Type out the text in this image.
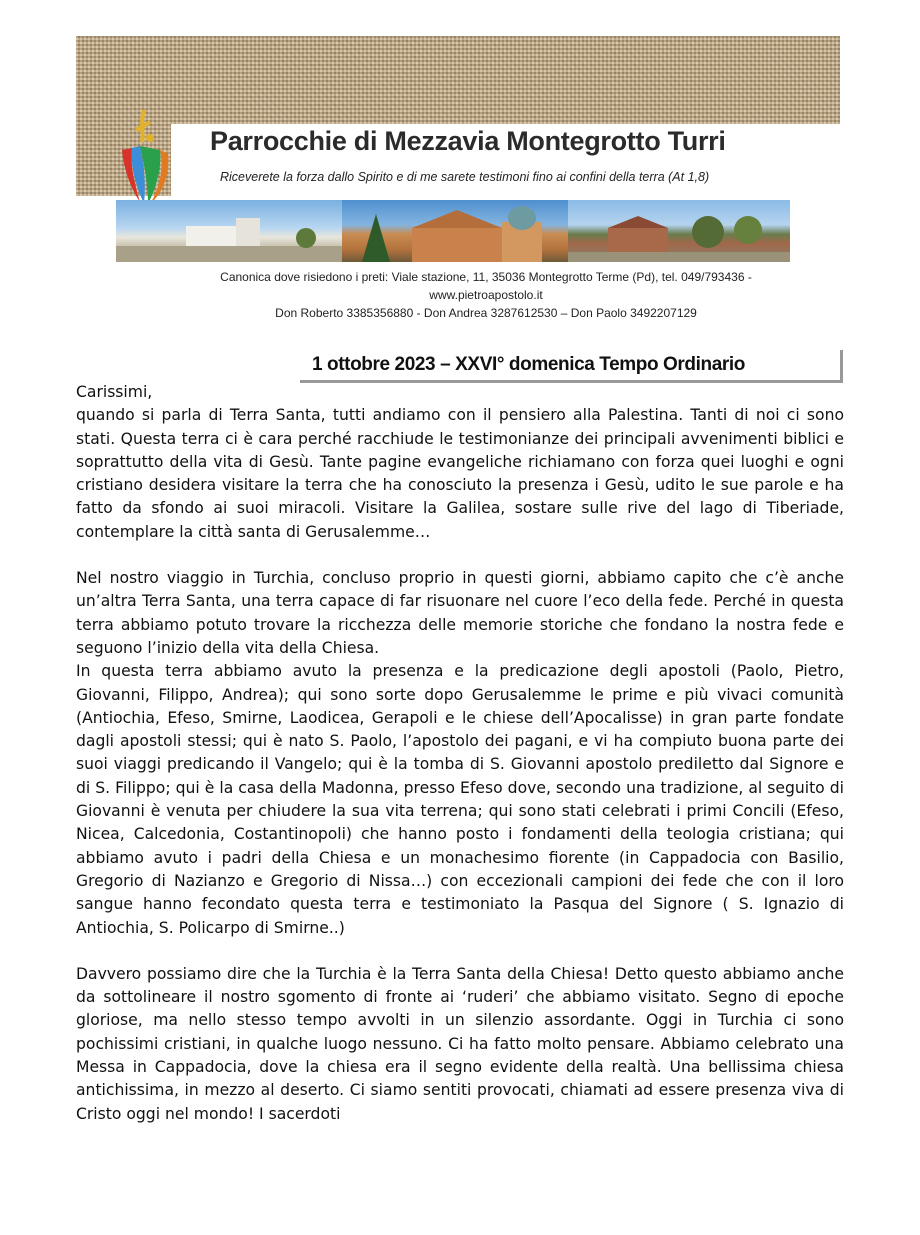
Parrocchie di Mezzavia Montegrotto Turri
Riceverete la forza dallo Spirito e di me sarete testimoni fino ai confini della terra (At 1,8)
Canonica dove risiedono i preti: Viale stazione, 11, 35036 Montegrotto Terme (Pd), tel. 049/793436 -
www.pietroapostolo.it
Don Roberto 3385356880 - Don Andrea 3287612530 – Don Paolo 3492207129
1 ottobre 2023 – XXVI° domenica Tempo Ordinario

Carissimi,

quando si parla di Terra Santa, tutti andiamo con il pensiero alla Palestina. Tanti di noi ci sono stati. Questa terra ci è cara perché racchiude le testimonianze dei principali avvenimenti biblici e soprattutto della vita di Gesù. Tante pagine evangeliche richiamano con forza quei luoghi e ogni cristiano desidera visitare la terra che ha conosciuto la presenza i Gesù, udito le sue parole e ha fatto da sfondo ai suoi miracoli. Visitare la Galilea, sostare sulle rive del lago di Tiberiade, contemplare la città santa di Gerusalemme…

Nel nostro viaggio in Turchia, concluso proprio in questi giorni, abbiamo capito che c’è anche un’altra Terra Santa, una terra capace di far risuonare nel cuore l’eco della fede. Perché in questa terra abbiamo potuto trovare la ricchezza delle memorie storiche che fondano la nostra fede e seguono l’inizio della vita della Chiesa.

In questa terra abbiamo avuto la presenza e la predicazione degli apostoli (Paolo, Pietro, Giovanni, Filippo, Andrea); qui sono sorte dopo Gerusalemme le prime e più vivaci comunità (Antiochia, Efeso, Smirne, Laodicea, Gerapoli e le chiese dell’Apocalisse) in gran parte fondate dagli apostoli stessi; qui è nato S. Paolo, l’apostolo dei pagani, e vi ha compiuto buona parte dei suoi viaggi predicando il Vangelo; qui è la tomba di S. Giovanni apostolo prediletto dal Signore e di S. Filippo; qui è la casa della Madonna, presso Efeso dove, secondo una tradizione, al seguito di Giovanni è venuta per chiudere la sua vita terrena; qui sono stati celebrati i primi Concili (Efeso, Nicea, Calcedonia, Costantinopoli) che hanno posto i fondamenti della teologia cristiana; qui abbiamo avuto i padri della Chiesa e un monachesimo fiorente (in Cappadocia con Basilio, Gregorio di Nazianzo e Gregorio di Nissa…) con eccezionali campioni dei fede che con il loro sangue hanno fecondato questa terra e testimoniato la Pasqua del Signore ( S. Ignazio di Antiochia, S. Policarpo di Smirne..)

Davvero possiamo dire che la Turchia è la Terra Santa della Chiesa! Detto questo abbiamo anche da sottolineare il nostro sgomento di fronte ai ‘ruderi’ che abbiamo visitato. Segno di epoche gloriose, ma nello stesso tempo avvolti in un silenzio assordante. Oggi in Turchia ci sono pochissimi cristiani, in qualche luogo nessuno. Ci ha fatto molto pensare. Abbiamo celebrato una Messa in Cappadocia, dove la chiesa era il segno evidente della realtà. Una bellissima chiesa antichissima, in mezzo al deserto. Ci siamo sentiti provocati, chiamati ad essere presenza viva di Cristo oggi nel mondo! I sacerdoti
